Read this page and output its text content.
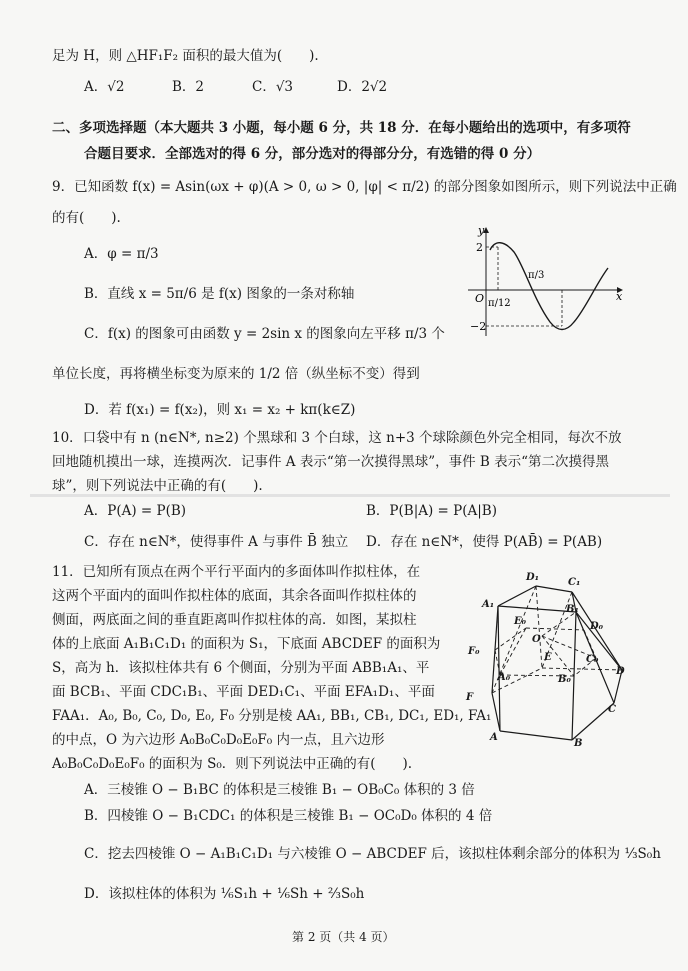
足为 H，则 △HF₁F₂ 面积的最大值为(　　).
A．√2	B．2	C．√3	D．2√2
二、多项选择题（本大题共 3 小题，每小题 6 分，共 18 分．在每小题给出的选项中，有多项符
合题目要求．全部选对的得 6 分，部分选对的得部分分，有选错的得 0 分）
9．已知函数 f(x) = Asin(ωx + φ)(A > 0, ω > 0, |φ| < π/2) 的部分图象如图所示，则下列说法中正确
的有(　　).
A．φ = π/3
B．直线 x = 5π/6 是 f(x) 图象的一条对称轴
C．f(x) 的图象可由函数 y = 2sin x 的图象向左平移 π/3 个
单位长度，再将横坐标变为原来的 1/2 倍（纵坐标不变）得到
D．若 f(x₁) = f(x₂)，则 x₁ = x₂ + kπ(k∈Z)
y
x
O
2
−2
π/12
π/3
10．口袋中有 n (n∈N*, n≥2) 个黑球和 3 个白球，这 n+3 个球除颜色外完全相同，每次不放
回地随机摸出一球，连摸两次．记事件 A 表示“第一次摸得黑球”，事件 B 表示“第二次摸得黑
球”，则下列说法中正确的有(　　).
A．P(A) = P(B)	B．P(B|A) = P(A|B)
C．存在 n∈N*，使得事件 A 与事件 B̄ 独立 D．存在 n∈N*，使得 P(AB̄) = P(AB)
11．已知所有顶点在两个平行平面内的多面体叫作拟柱体，在
这两个平面内的面叫作拟柱体的底面，其余各面叫作拟柱体的
侧面，两底面之间的垂直距离叫作拟柱体的高．如图，某拟柱
体的上底面 A₁B₁C₁D₁ 的面积为 S₁，下底面 ABCDEF 的面积为
S，高为 h．该拟柱体共有 6 个侧面，分别为平面 ABB₁A₁、平
面 BCB₁、平面 CDC₁B₁、平面 DED₁C₁、平面 EFA₁D₁、平面
FAA₁．A₀, B₀, C₀, D₀, E₀, F₀ 分别是棱 AA₁, BB₁, CB₁, DC₁, ED₁, FA₁
的中点，O 为六边形 A₀B₀C₀D₀E₀F₀ 内一点，且六边形
A₀B₀C₀D₀E₀F₀ 的面积为 S₀．则下列说法中正确的有(　　).
A．三棱锥 O − B₁BC 的体积是三棱锥 B₁ − OB₀C₀ 体积的 3 倍
B．四棱锥 O − B₁CDC₁ 的体积是三棱锥 B₁ − OC₀D₀ 体积的 4 倍
C．挖去四棱锥 O − A₁B₁C₁D₁ 与六棱锥 O − ABCDEF 后，该拟柱体剩余部分的体积为 ⅓S₀h
D．该拟柱体的体积为 ⅙S₁h + ⅙Sh + ⅔S₀h
D₁	C₁
A₁	B₁
E₀	D₀
O
F₀
E	C₀
A₀	B₀
D
F
C
A
B
第 2 页（共 4 页）
